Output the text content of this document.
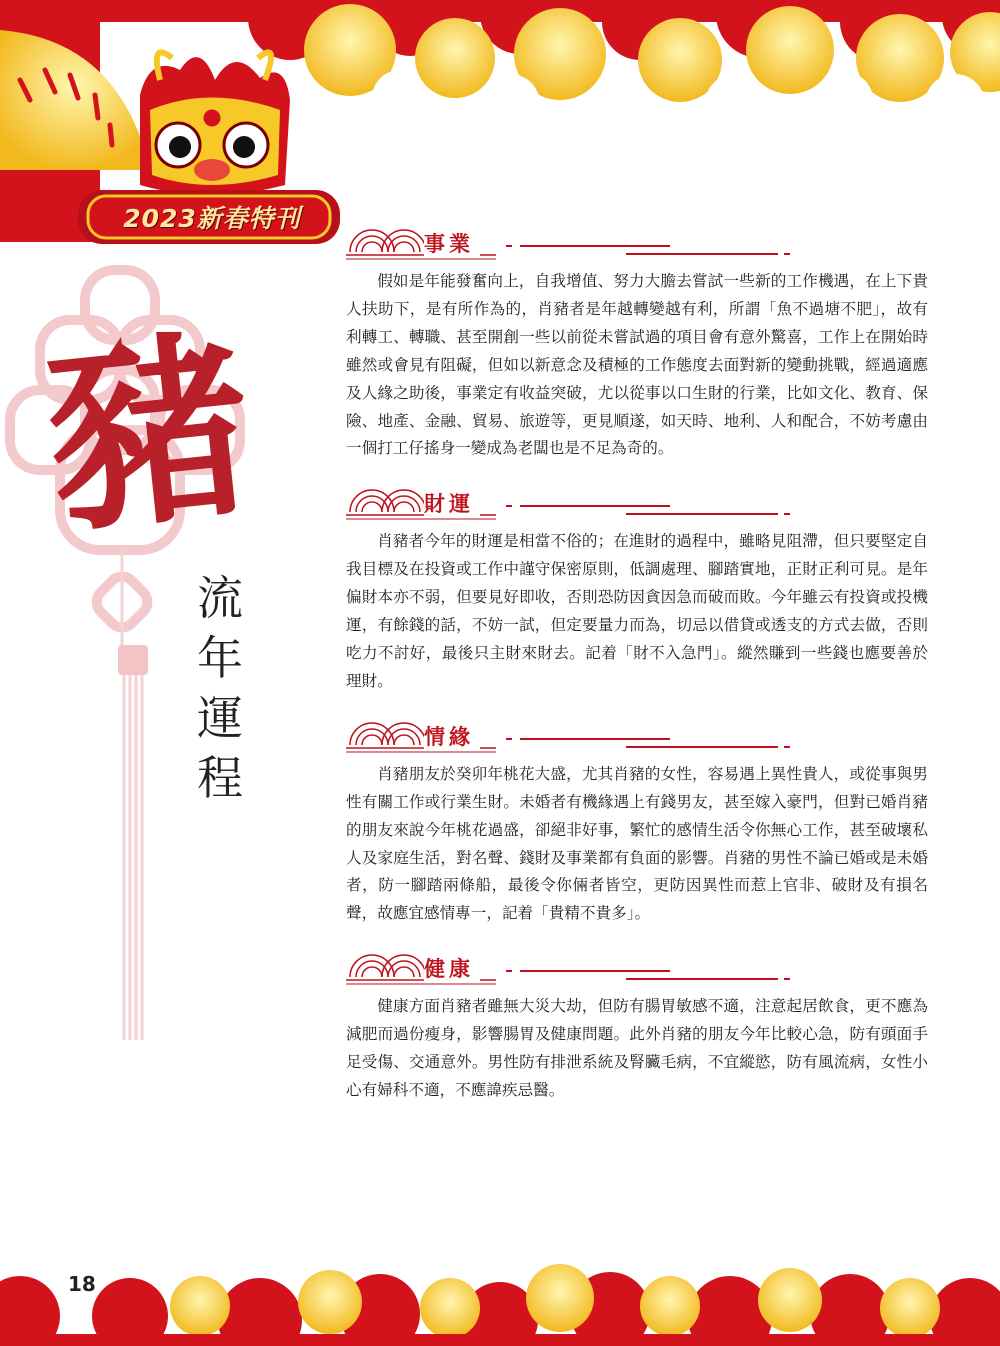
2023新春特刊
豬
流
年
運
程
事業

假如是年能發奮向上，自我增值、努力大膽去嘗試一些新的工作機遇，在上下貴人扶助下，是有所作為的，肖豬者是年越轉變越有利，所謂「魚不過塘不肥」，故有利轉工、轉職、甚至開創一些以前從未嘗試過的項目會有意外驚喜，工作上在開始時雖然或會見有阻礙，但如以新意念及積極的工作態度去面對新的變動挑戰，經過適應及人緣之助後，事業定有收益突破，尤以從事以口生財的行業，比如文化、教育、保險、地產、金融、貿易、旅遊等，更見順遂，如天時、地利、人和配合，不妨考慮由一個打工仔搖身一變成為老闆也是不足為奇的。

財運

肖豬者今年的財運是相當不俗的；在進財的過程中，雖略見阻滯，但只要堅定自我目標及在投資或工作中謹守保密原則，低調處理、腳踏實地，正財正利可見。是年偏財本亦不弱，但要見好即收，否則恐防因貪因急而破而敗。今年雖云有投資或投機運，有餘錢的話，不妨一試，但定要量力而為，切忌以借貸或透支的方式去做，否則吃力不討好，最後只主財來財去。記着「財不入急門」。縱然賺到一些錢也應要善於理財。

情緣

肖豬朋友於癸卯年桃花大盛，尤其肖豬的女性，容易遇上異性貴人，或從事與男性有關工作或行業生財。未婚者有機緣遇上有錢男友，甚至嫁入豪門，但對已婚肖豬的朋友來說今年桃花過盛，卻絕非好事，繁忙的感情生活令你無心工作，甚至破壞私人及家庭生活，對名聲、錢財及事業都有負面的影響。肖豬的男性不論已婚或是未婚者，防一腳踏兩條船，最後令你倆者皆空，更防因異性而惹上官非、破財及有損名聲，故應宜感情專一，記着「貴精不貴多」。

健康

健康方面肖豬者雖無大災大劫，但防有腸胃敏感不適，注意起居飲食，更不應為減肥而過份瘦身，影響腸胃及健康問題。此外肖豬的朋友今年比較心急，防有頭面手足受傷、交通意外。男性防有排泄系統及腎臟毛病，不宜縱慾，防有風流病，女性小心有婦科不適，不應諱疾忌醫。

18
